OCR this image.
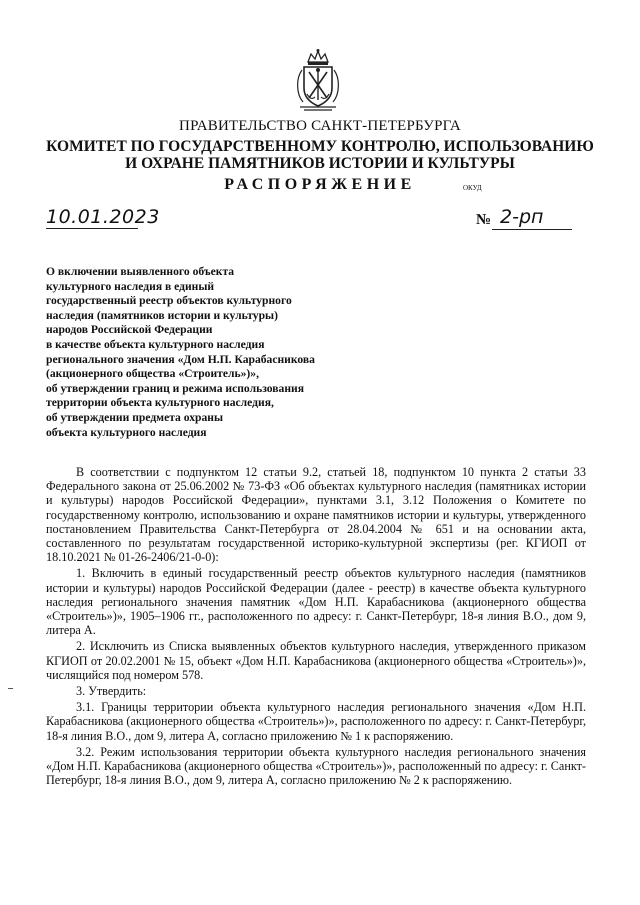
ПРАВИТЕЛЬСТВО САНКТ-ПЕТЕРБУРГА
КОМИТЕТ ПО ГОСУДАРСТВЕННОМУ КОНТРОЛЮ, ИСПОЛЬЗОВАНИЮ
И ОХРАНЕ ПАМЯТНИКОВ ИСТОРИИ И КУЛЬТУРЫ
РАСПОРЯЖЕНИЕ	ОКУД
10.01.2023	№ 2-рп
О включении выявленного объекта
культурного наследия в единый
государственный реестр объектов культурного
наследия (памятников истории и культуры)
народов Российской Федерации
в качестве объекта культурного наследия
регионального значения «Дом Н.П. Карабасникова
(акционерного общества «Строитель»)»,
об утверждении границ и режима использования
территории объекта культурного наследия,
об утверждении предмета охраны
объекта культурного наследия

В соответствии с подпунктом 12 статьи 9.2, статьей 18, подпунктом 10 пункта 2 статьи 33 Федерального закона от 25.06.2002 № 73-ФЗ «Об объектах культурного наследия (памятниках истории и культуры) народов Российской Федерации», пунктами 3.1, 3.12 Положения о Комитете по государственному контролю, использованию и охране памятников истории и культуры, утвержденного постановлением Правительства Санкт-Петербурга от 28.04.2004 № 651 и на основании акта, составленного по результатам государственной историко-культурной экспертизы (рег. КГИОП от 18.10.2021 № 01-26-2406/21-0-0):

1. Включить в единый государственный реестр объектов культурного наследия (памятников истории и культуры) народов Российской Федерации (далее - реестр) в качестве объекта культурного наследия регионального значения памятник «Дом Н.П. Карабасникова (акционерного общества «Строитель»)», 1905–1906 гг., расположенного по адресу: г. Санкт-Петербург, 18-я линия В.О., дом 9, литера А.

2. Исключить из Списка выявленных объектов культурного наследия, утвержденного приказом КГИОП от 20.02.2001 № 15, объект «Дом Н.П. Карабасникова (акционерного общества «Строитель»)», числящийся под номером 578.

3. Утвердить:

3.1. Границы территории объекта культурного наследия регионального значения «Дом Н.П. Карабасникова (акционерного общества «Строитель»)», расположенного по адресу: г. Санкт-Петербург, 18-я линия В.О., дом 9, литера А, согласно приложению № 1 к распоряжению.

3.2. Режим использования территории объекта культурного наследия регионального значения «Дом Н.П. Карабасникова (акционерного общества «Строитель»)», расположенный по адресу: г. Санкт-Петербург, 18-я линия В.О., дом 9, литера А, согласно приложению № 2 к распоряжению.
